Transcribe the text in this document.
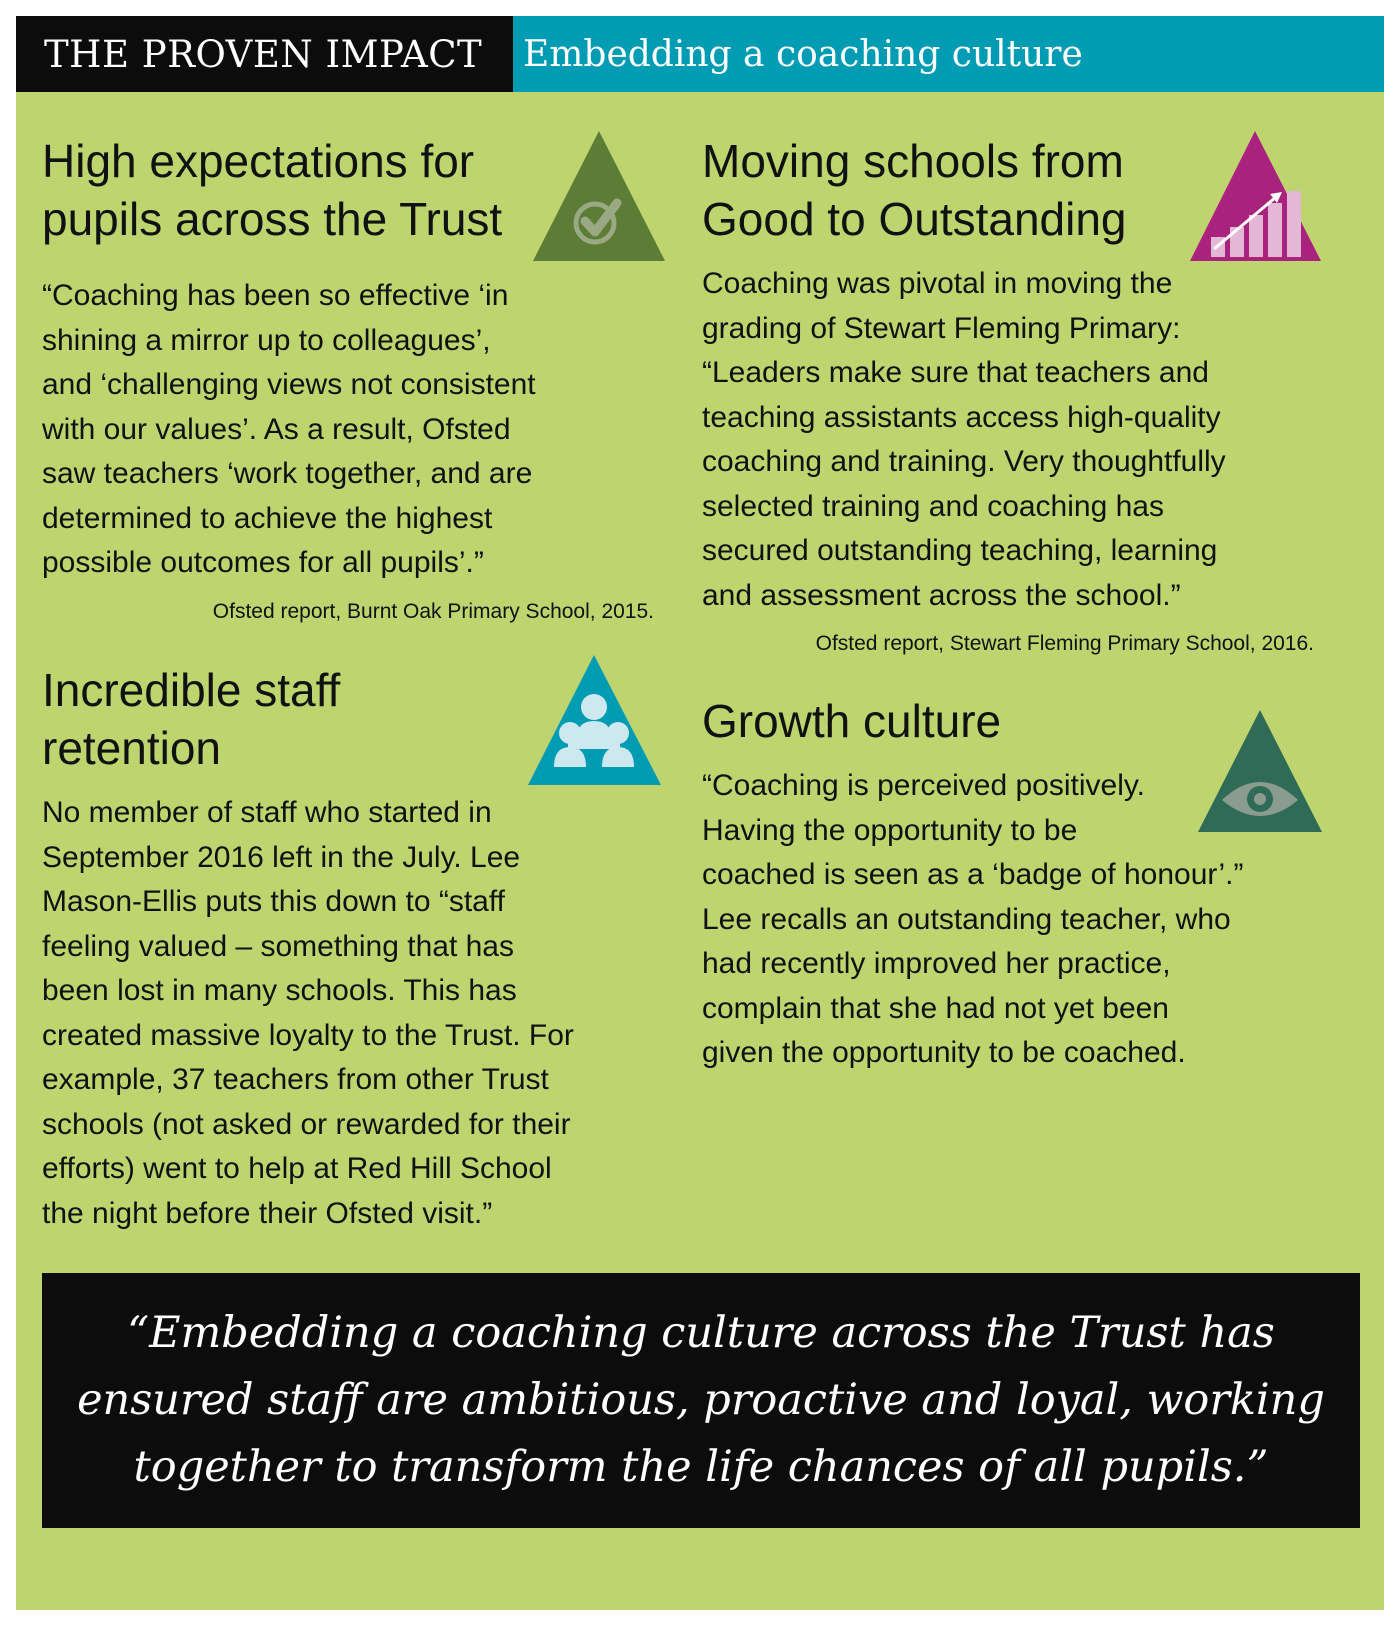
THE PROVEN IMPACT	Embedding a coaching culture
High expectations for
pupils across the Trust

“Coaching has been so effective ‘in
shining a mirror up to colleagues’,
and ‘challenging views not consistent
with our values’. As a result, Ofsted
saw teachers ‘work together, and are
determined to achieve the highest
possible outcomes for all pupils’.”

Ofsted report, Burnt Oak Primary School, 2015.

Moving schools from
Good to Outstanding

Coaching was pivotal in moving the
grading of Stewart Fleming Primary:
“Leaders make sure that teachers and
teaching assistants access high-quality
coaching and training. Very thoughtfully
selected training and coaching has
secured outstanding teaching, learning
and assessment across the school.”

Ofsted report, Stewart Fleming Primary School, 2016.

Incredible staff
retention

No member of staff who started in
September 2016 left in the July. Lee
Mason-Ellis puts this down to “staff
feeling valued – something that has
been lost in many schools. This has
created massive loyalty to the Trust. For
example, 37 teachers from other Trust
schools (not asked or rewarded for their
efforts) went to help at Red Hill School
the night before their Ofsted visit.”

Growth culture

“Coaching is perceived positively.
Having the opportunity to be
coached is seen as a ‘badge of honour’.”
Lee recalls an outstanding teacher, who
had recently improved her practice,
complain that she had not yet been
given the opportunity to be coached.

“Embedding a coaching culture across the Trust has
ensured staff are ambitious, proactive and loyal, working
together to transform the life chances of all pupils.”
